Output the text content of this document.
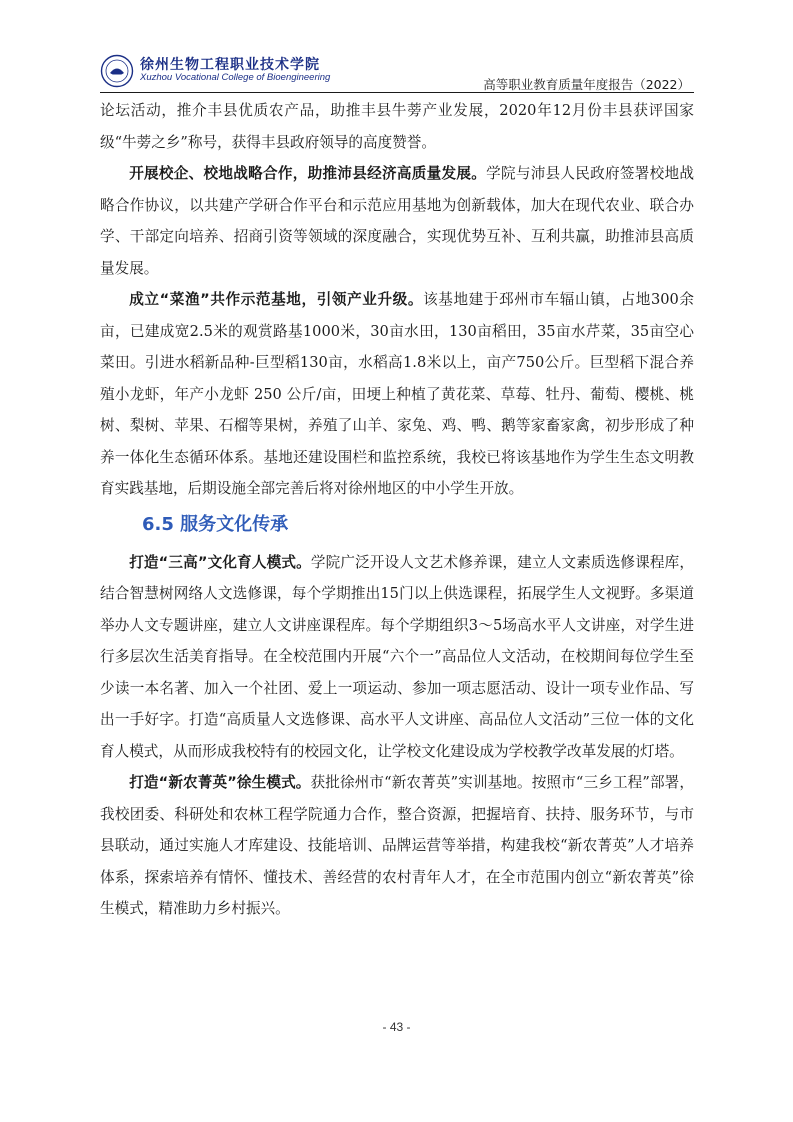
徐州生物工程职业技术学院
Xuzhou Vocational College of Bioengineering	高等职业教育质量年度报告（2022）

论坛活动，推介丰县优质农产品，助推丰县牛蒡产业发展，2020年12月份丰县获评国家级“牛蒡之乡”称号，获得丰县政府领导的高度赞誉。

开展校企、校地战略合作，助推沛县经济高质量发展。学院与沛县人民政府签署校地战略合作协议，以共建产学研合作平台和示范应用基地为创新载体，加大在现代农业、联合办学、干部定向培养、招商引资等领域的深度融合，实现优势互补、互利共赢，助推沛县高质量发展。

成立“菜渔”共作示范基地，引领产业升级。该基地建于邳州市车辐山镇，占地300余亩，已建成宽2.5米的观赏路基1000米，30亩水田，130亩稻田，35亩水芹菜，35亩空心菜田。引进水稻新品种-巨型稻130亩，水稻高1.8米以上，亩产750公斤。巨型稻下混合养殖小龙虾，年产小龙虾 250 公斤/亩，田埂上种植了黄花菜、草莓、牡丹、葡萄、樱桃、桃树、梨树、苹果、石榴等果树，养殖了山羊、家兔、鸡、鸭、鹅等家畜家禽，初步形成了种养一体化生态循环体系。基地还建设围栏和监控系统，我校已将该基地作为学生生态文明教育实践基地，后期设施全部完善后将对徐州地区的中小学生开放。

6.5 服务文化传承

打造“三高”文化育人模式。学院广泛开设人文艺术修养课，建立人文素质选修课程库，结合智慧树网络人文选修课，每个学期推出15门以上供选课程，拓展学生人文视野。多渠道举办人文专题讲座，建立人文讲座课程库。每个学期组织3～5场高水平人文讲座，对学生进行多层次生活美育指导。在全校范围内开展“六个一”高品位人文活动，在校期间每位学生至少读一本名著、加入一个社团、爱上一项运动、参加一项志愿活动、设计一项专业作品、写出一手好字。打造“高质量人文选修课、高水平人文讲座、高品位人文活动”三位一体的文化育人模式，从而形成我校特有的校园文化，让学校文化建设成为学校教学改革发展的灯塔。

打造“新农菁英”徐生模式。获批徐州市“新农菁英”实训基地。按照市“三乡工程”部署，我校团委、科研处和农林工程学院通力合作，整合资源，把握培育、扶持、服务环节，与市县联动，通过实施人才库建设、技能培训、品牌运营等举措，构建我校“新农菁英”人才培养体系，探索培养有情怀、懂技术、善经营的农村青年人才，在全市范围内创立“新农菁英”徐生模式，精准助力乡村振兴。

- 43 -
